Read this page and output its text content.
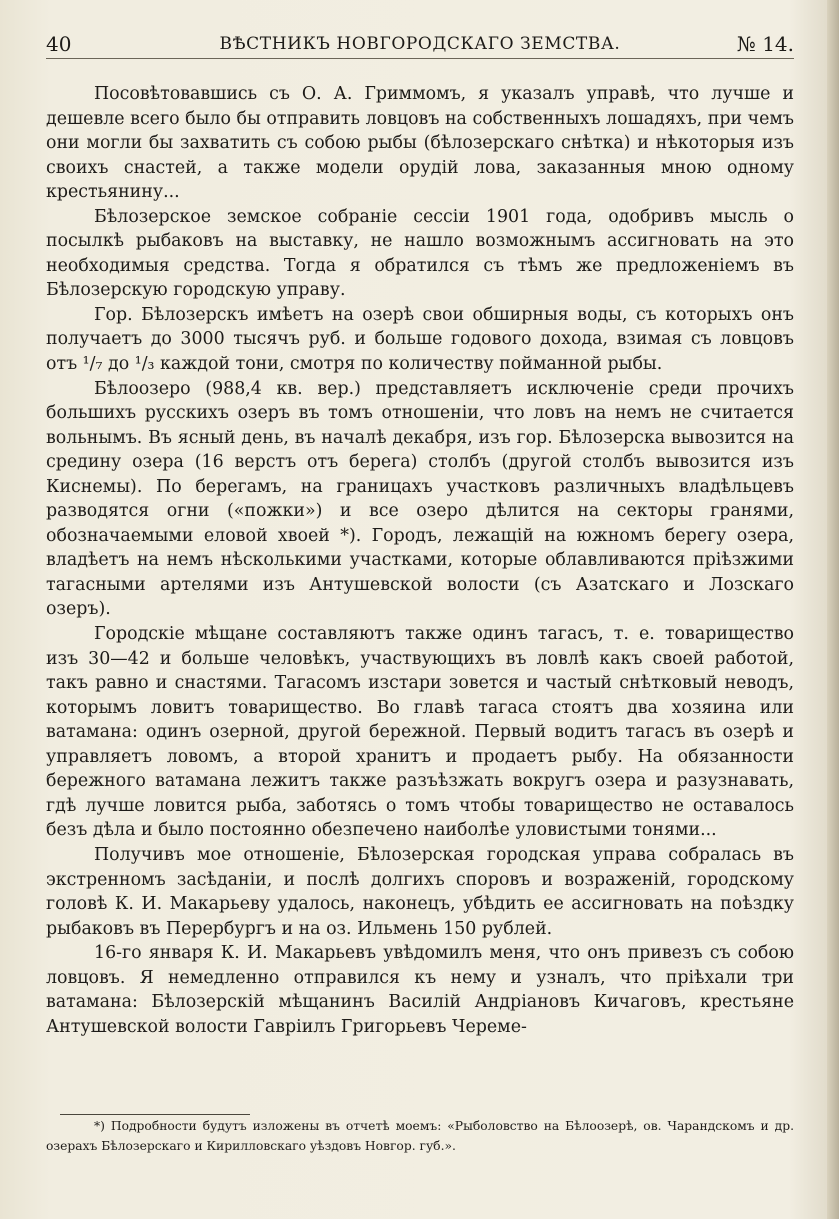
40	ВѢСТНИКЪ НОВГОРОДСКАГО ЗЕМСТВА.	№ 14.

Посовѣтовавшись съ О. А. Гриммомъ, я указалъ управѣ, что лучше и дешевле всего было бы отправить ловцовъ на собственныхъ лошадяхъ, при чемъ они могли бы захватить съ собою рыбы (бѣлозерскаго снѣтка) и нѣкоторыя изъ своихъ снастей, а также модели орудій лова, заказанныя мною одному крестьянину...

Бѣлозерское земское собраніе сессіи 1901 года, одобривъ мысль о посылкѣ рыбаковъ на выставку, не нашло возможнымъ ассигновать на это необходимыя средства. Тогда я обратился съ тѣмъ же предложеніемъ въ Бѣлозерскую городскую управу.

Гор. Бѣлозерскъ имѣетъ на озерѣ свои обширныя воды, съ которыхъ онъ получаетъ до 3000 тысячъ руб. и больше годового дохода, взимая съ ловцовъ отъ ¹/₇ до ¹/₃ каждой тони, смотря по количеству пойманной рыбы.

Бѣлоозеро (988,4 кв. вер.) представляетъ исключеніе среди прочихъ большихъ русскихъ озеръ въ томъ отношеніи, что ловъ на немъ не считается вольнымъ. Въ ясный день, въ началѣ декабря, изъ гор. Бѣлозерска вывозится на средину озера (16 верстъ отъ берега) столбъ (другой столбъ вывозится изъ Киснемы). По берегамъ, на границахъ участковъ различныхъ владѣльцевъ разводятся огни («пожки») и все озеро дѣлится на секторы гранями, обозначаемыми еловой хвоей *). Городъ, лежащій на южномъ берегу озера, владѣетъ на немъ нѣсколькими участками, которые облавливаются пріѣзжими тагасными артелями изъ Антушевской волости (съ Азатскаго и Лозскаго озеръ).

Городскіе мѣщане составляютъ также одинъ тагасъ, т. е. товарищество изъ 30—42 и больше человѣкъ, участвующихъ въ ловлѣ какъ своей работой, такъ равно и снастями. Тагасомъ изстари зовется и частый снѣтковый неводъ, которымъ ловитъ товарищество. Во главѣ тагаса стоятъ два хозяина или ватамана: одинъ озерной, другой бережной. Первый водитъ тагасъ въ озерѣ и управляетъ ловомъ, а второй хранитъ и продаетъ рыбу. На обязанности бережного ватамана лежитъ также разъѣзжать вокругъ озера и разузнавать, гдѣ лучше ловится рыба, заботясь о томъ чтобы товарищество не оставалось безъ дѣла и было постоянно обезпечено наиболѣе уловистыми тонями...

Получивъ мое отношеніе, Бѣлозерская городская управа собралась въ экстренномъ засѣданіи, и послѣ долгихъ споровъ и возраженій, городскому головѣ К. И. Макарьеву удалось, наконецъ, убѣдить ее ассигновать на поѣздку рыбаковъ въ Перербургъ и на оз. Ильмень 150 рублей.

16-го января К. И. Макарьевъ увѣдомилъ меня, что онъ привезъ съ собою ловцовъ. Я немедленно отправился къ нему и узналъ, что пріѣхали три ватамана: Бѣлозерскій мѣщанинъ Василій Андріановъ Кичаговъ, крестьяне Антушевской волости Гавріилъ Григорьевъ Череме-

*) Подробности будутъ изложены въ отчетѣ моемъ: «Рыболовство на Бѣлоозерѣ, ов. Чарандскомъ и др. озерахъ Бѣлозерскаго и Кирилловскаго уѣздовъ Новгор. губ.».
